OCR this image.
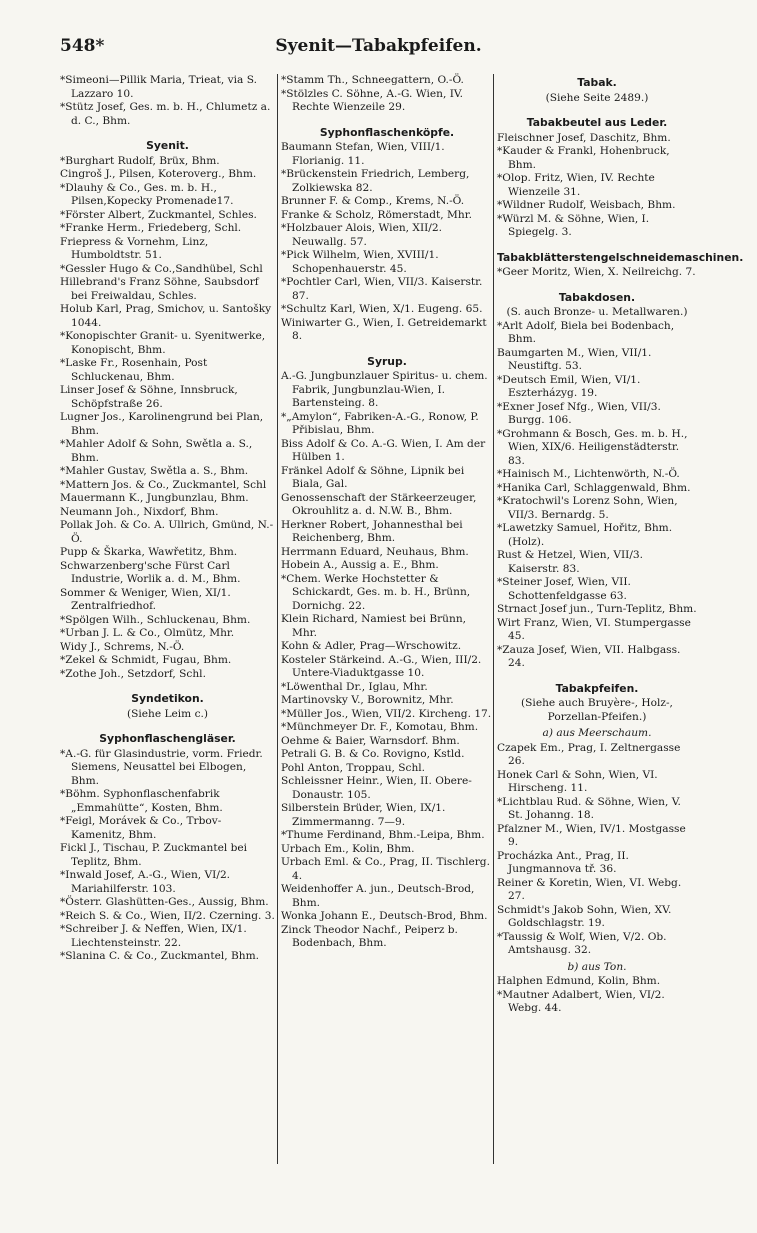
548*	Syenit—Tabakpfeifen.
*Simeoni—Pillik Maria, Trieat, via S. Lazzaro 10.
*Stütz Josef, Ges. m. b. H., Chlumetz a. d. C., Bhm.
Syenit.
*Burghart Rudolf, Brüx, Bhm.
Cingroš J., Pilsen, Koteroverg., Bhm.
*Dlauhy & Co., Ges. m. b. H., Pilsen,Kopecky Promenade17.
*Förster Albert, Zuckmantel, Schles.
*Franke Herm., Friedeberg, Schl.
Friepress & Vornehm, Linz, Humboldtstr. 51.
*Gessler Hugo & Co.,Sandhübel, Schl
Hillebrand's Franz Söhne, Saubsdorf bei Freiwaldau, Schles.
Holub Karl, Prag, Smichov, u. Santošky 1044.
*Konopischter Granit- u. Syenitwerke, Konopischt, Bhm.
*Laske Fr., Rosenhain, Post Schluckenau, Bhm.
Linser Josef & Söhne, Innsbruck, Schöpfstraße 26.
Lugner Jos., Karolinengrund bei Plan, Bhm.
*Mahler Adolf & Sohn, Swětla a. S., Bhm.
*Mahler Gustav, Swětla a. S., Bhm.
*Mattern Jos. & Co., Zuckmantel, Schl
Mauermann K., Jungbunzlau, Bhm.
Neumann Joh., Nixdorf, Bhm.
Pollak Joh. & Co. A. Ullrich, Gmünd, N.-Ö.
Pupp & Škarka, Wawřetitz, Bhm.
Schwarzenberg'sche Fürst Carl Industrie, Worlik a. d. M., Bhm.
Sommer & Weniger, Wien, XI/1. Zentralfriedhof.
*Spölgen Wilh., Schluckenau, Bhm.
*Urban J. L. & Co., Olmütz, Mhr.
Widy J., Schrems, N.-Ö.
*Zekel & Schmidt, Fugau, Bhm.
*Zothe Joh., Setzdorf, Schl.
Syndetikon.
(Siehe Leim c.)
Syphonflaschengläser.
*A.-G. für Glasindustrie, vorm. Friedr. Siemens, Neusattel bei Elbogen, Bhm.
*Böhm. Syphonflaschenfabrik „Emmahütte“, Kosten, Bhm.
*Feigl, Morávek & Co., Trbov-Kamenitz, Bhm.
Fickl J., Tischau, P. Zuckmantel bei Teplitz, Bhm.
*Inwald Josef, A.-G., Wien, VI/2. Mariahilferstr. 103.
*Österr. Glashütten-Ges., Aussig, Bhm.
*Reich S. & Co., Wien, II/2. Czerning. 3.
*Schreiber J. & Neffen, Wien, IX/1. Liechtensteinstr. 22.
*Slanina C. & Co., Zuckmantel, Bhm.
*Stamm Th., Schneegattern, O.-Ö.
*Stölzles C. Söhne, A.-G. Wien, IV. Rechte Wienzeile 29.
Syphonflaschenköpfe.
Baumann Stefan, Wien, VIII/1. Florianig. 11.
*Brückenstein Friedrich, Lemberg, Zolkiewska 82.
Brunner F. & Comp., Krems, N.-Ö.
Franke & Scholz, Römerstadt, Mhr.
*Holzbauer Alois, Wien, XII/2. Neuwallg. 57.
*Pick Wilhelm, Wien, XVIII/1. Schopenhauerstr. 45.
*Pochtler Carl, Wien, VII/3. Kaiserstr. 87.
*Schultz Karl, Wien, X/1. Eugeng. 65.
Winiwarter G., Wien, I. Getreidemarkt 8.
Syrup.
A.-G. Jungbunzlauer Spiritus- u. chem. Fabrik, Jungbunzlau-Wien, I. Bartensteing. 8.
*„Amylon“, Fabriken-A.-G., Ronow, P. Přibislau, Bhm.
Biss Adolf & Co. A.-G. Wien, I. Am der Hülben 1.
Fränkel Adolf & Söhne, Lipnik bei Biala, Gal.
Genossenschaft der Stärkeerzeuger, Okrouhlitz a. d. N.W. B., Bhm.
Herkner Robert, Johannesthal bei Reichenberg, Bhm.
Herrmann Eduard, Neuhaus, Bhm.
Hobein A., Aussig a. E., Bhm.
*Chem. Werke Hochstetter & Schickardt, Ges. m. b. H., Brünn, Dornichg. 22.
Klein Richard, Namiest bei Brünn, Mhr.
Kohn & Adler, Prag—Wrschowitz.
Kosteler Stärkeind. A.-G., Wien, III/2. Untere-Viaduktgasse 10.
*Löwenthal Dr., Iglau, Mhr.
Martinovsky V., Borownitz, Mhr.
*Müller Jos., Wien, VII/2. Kircheng. 17.
*Münchmeyer Dr. F., Komotau, Bhm.
Oehme & Baier, Warnsdorf. Bhm.
Petrali G. B. & Co. Rovigno, Kstld.
Pohl Anton, Troppau, Schl.
Schleissner Heinr., Wien, II. Obere-Donaustr. 105.
Silberstein Brüder, Wien, IX/1. Zimmermanng. 7—9.
*Thume Ferdinand, Bhm.-Leipa, Bhm.
Urbach Em., Kolin, Bhm.
Urbach Eml. & Co., Prag, II. Tischlerg. 4.
Weidenhoffer A. jun., Deutsch-Brod, Bhm.
Wonka Johann E., Deutsch-Brod, Bhm.
Zinck Theodor Nachf., Peiperz b. Bodenbach, Bhm.
Tabak.
(Siehe Seite 2489.)
Tabakbeutel aus Leder.
Fleischner Josef, Daschitz, Bhm.
*Kauder & Frankl, Hohenbruck, Bhm.
*Olop. Fritz, Wien, IV. Rechte Wienzeile 31.
*Wildner Rudolf, Weisbach, Bhm.
*Würzl M. & Söhne, Wien, I. Spiegelg. 3.
Tabakblätterstengelschneidemaschinen.
*Geer Moritz, Wien, X. Neilreichg. 7.
Tabakdosen.
(S. auch Bronze- u. Metallwaren.)
*Arlt Adolf, Biela bei Bodenbach, Bhm.
Baumgarten M., Wien, VII/1. Neustiftg. 53.
*Deutsch Emil, Wien, VI/1. Eszterházyg. 19.
*Exner Josef Nfg., Wien, VII/3. Burgg. 106.
*Grohmann & Bosch, Ges. m. b. H., Wien, XIX/6. Heiligenstädterstr. 83.
*Hainisch M., Lichtenwörth, N.-Ö.
*Hanika Carl, Schlaggenwald, Bhm.
*Kratochwil's Lorenz Sohn, Wien, VII/3. Bernardg. 5.
*Lawetzky Samuel, Hořitz, Bhm. (Holz).
Rust & Hetzel, Wien, VII/3. Kaiserstr. 83.
*Steiner Josef, Wien, VII. Schottenfeldgasse 63.
Strnact Josef jun., Turn-Teplitz, Bhm.
Wirt Franz, Wien, VI. Stumpergasse 45.
*Zauza Josef, Wien, VII. Halbgass. 24.
Tabakpfeifen.
(Siehe auch Bruyère-, Holz-, Porzellan-Pfeifen.)
a) aus Meerschaum.
Czapek Em., Prag, I. Zeltnergasse 26.
Honek Carl & Sohn, Wien, VI. Hirscheng. 11.
*Lichtblau Rud. & Söhne, Wien, V. St. Johanng. 18.
Pfalzner M., Wien, IV/1. Mostgasse 9.
Procházka Ant., Prag, II. Jungmannova tř. 36.
Reiner & Koretin, Wien, VI. Webg. 27.
Schmidt's Jakob Sohn, Wien, XV. Goldschlagstr. 19.
*Taussig & Wolf, Wien, V/2. Ob. Amtshausg. 32.
b) aus Ton.
Halphen Edmund, Kolin, Bhm.
*Mautner Adalbert, Wien, VI/2. Webg. 44.
